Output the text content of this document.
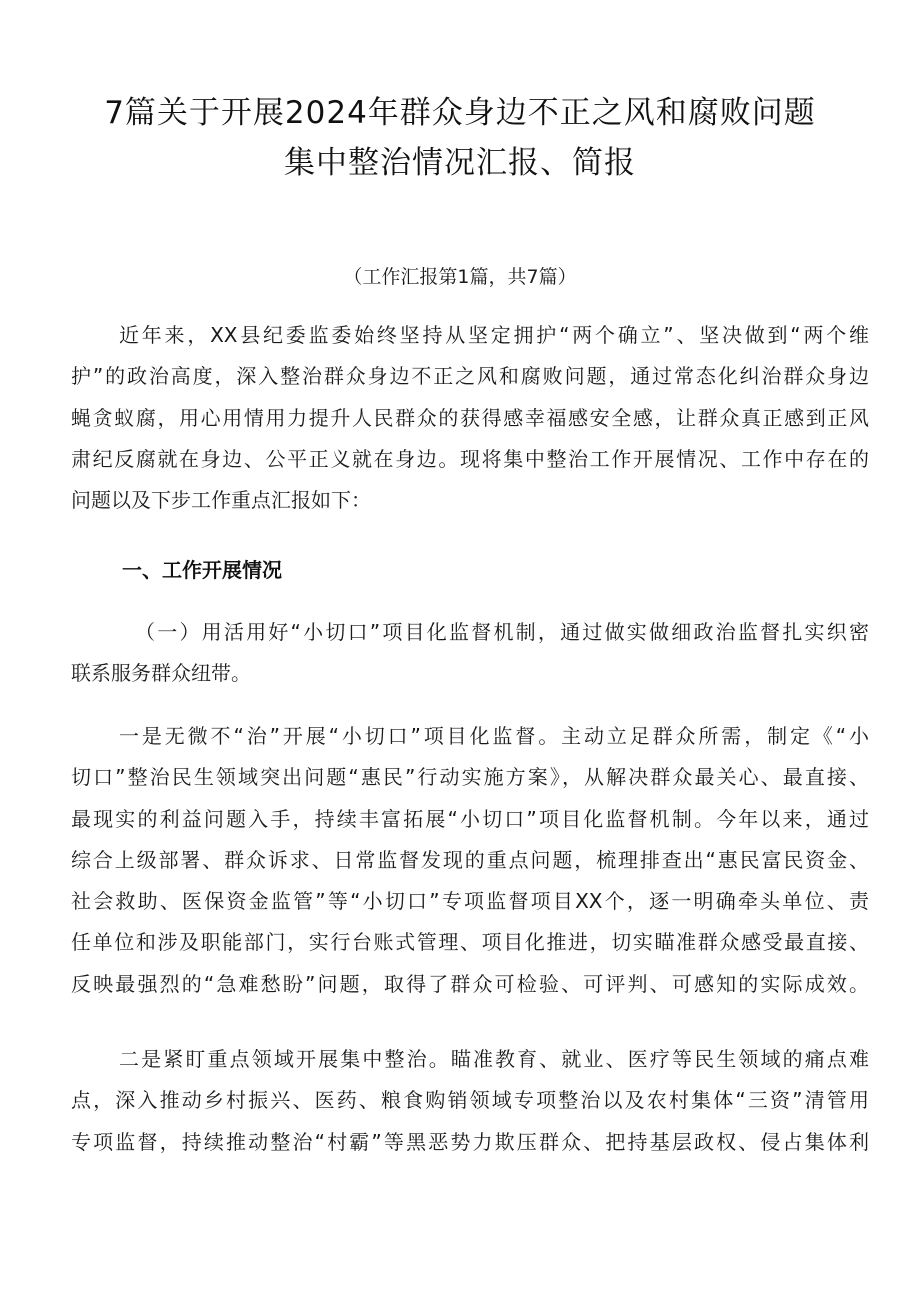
7篇关于开展2024年群众身边不正之风和腐败问题
集中整治情况汇报、简报
（工作汇报第1篇，共7篇）
近年来，XX县纪委监委始终坚持从坚定拥护“两个确立”、坚决做到“两个维
护”的政治高度，深入整治群众身边不正之风和腐败问题，通过常态化纠治群众身边
蝇贪蚁腐，用心用情用力提升人民群众的获得感幸福感安全感，让群众真正感到正风
肃纪反腐就在身边、公平正义就在身边。现将集中整治工作开展情况、工作中存在的
问题以及下步工作重点汇报如下：
一、工作开展情况
（一）用活用好“小切口”项目化监督机制，通过做实做细政治监督扎实织密
联系服务群众纽带。
一是无微不“治”开展“小切口”项目化监督。主动立足群众所需，制定《“小
切口”整治民生领域突出问题“惠民”行动实施方案》，从解决群众最关心、最直接、
最现实的利益问题入手，持续丰富拓展“小切口”项目化监督机制。今年以来，通过
综合上级部署、群众诉求、日常监督发现的重点问题，梳理排查出“惠民富民资金、
社会救助、医保资金监管”等“小切口”专项监督项目XX个，逐一明确牵头单位、责
任单位和涉及职能部门，实行台账式管理、项目化推进，切实瞄准群众感受最直接、
反映最强烈的“急难愁盼”问题，取得了群众可检验、可评判、可感知的实际成效。
二是紧盯重点领域开展集中整治。瞄准教育、就业、医疗等民生领域的痛点难
点，深入推动乡村振兴、医药、粮食购销领域专项整治以及农村集体“三资”清管用
专项监督，持续推动整治“村霸”等黑恶势力欺压群众、把持基层政权、侵占集体利
